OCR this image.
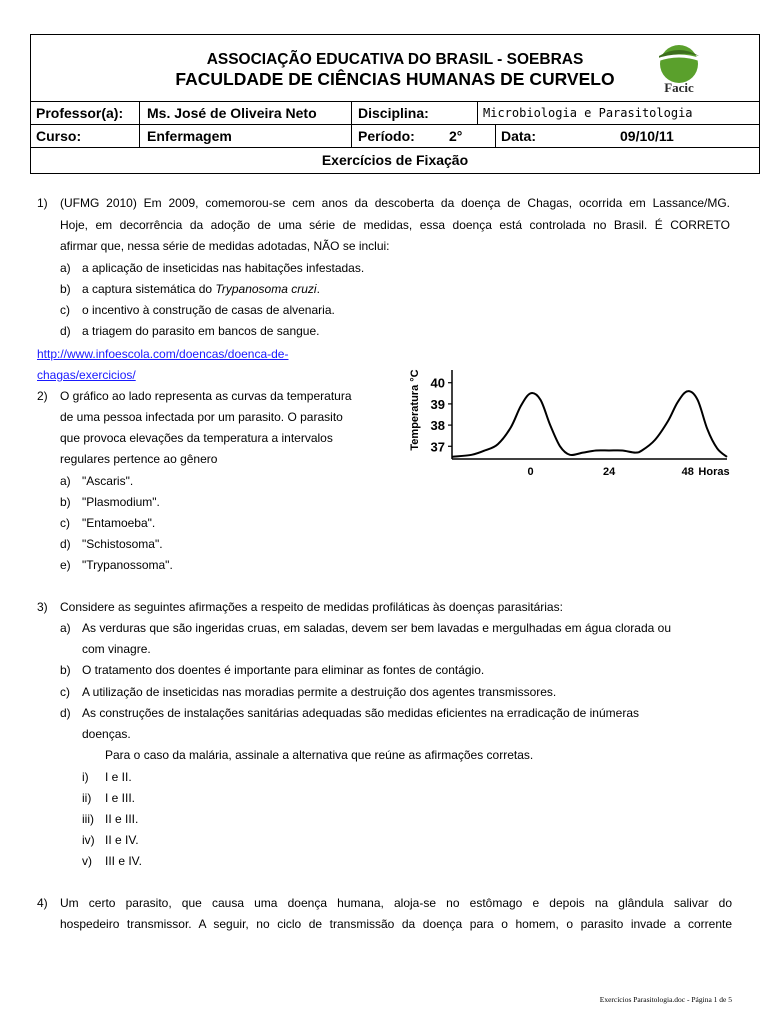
ASSOCIAÇÃO EDUCATIVA DO BRASIL - SOEBRAS
FACULDADE DE CIÊNCIAS HUMANAS DE CURVELO	Facic
Professor(a): Ms. José de Oliveira Neto	Disciplina:	Microbiologia e Parasitologia
Curso:	Enfermagem	Período: 2°	Data:	09/10/11
Exercícios de Fixação
1) (UFMG 2010) Em 2009, comemorou-se cem anos da descoberta da doença de Chagas, ocorrida em Lassance/MG.
Hoje, em decorrência da adoção de uma série de medidas, essa doença está controlada no Brasil. É CORRETO
afirmar que, nessa série de medidas adotadas, NÃO se inclui:
a) a aplicação de inseticidas nas habitações infestadas.
b) a captura sistemática do Trypanosoma cruzi.
c) o incentivo à construção de casas de alvenaria.
d) a triagem do parasito em bancos de sangue.
http://www.infoescola.com/doencas/doenca-de-
chagas/exercicios/
2) O gráfico ao lado representa as curvas da temperatura
de uma pessoa infectada por um parasito. O parasito
que provoca elevações da temperatura a intervalos
regulares pertence ao gênero
a) "Ascaris".
b) "Plasmodium".
c) "Entamoeba".
d) "Schistosoma".
e) "Trypanossoma".
Temperatura °C 37
38
39
40
0	24	48 Horas
3) Considere as seguintes afirmações a respeito de medidas profiláticas às doenças parasitárias:
a) As verduras que são ingeridas cruas, em saladas, devem ser bem lavadas e mergulhadas em água clorada ou
com vinagre.
b) O tratamento dos doentes é importante para eliminar as fontes de contágio.
c) A utilização de inseticidas nas moradias permite a destruição dos agentes transmissores.
d) As construções de instalações sanitárias adequadas são medidas eficientes na erradicação de inúmeras
doenças.
Para o caso da malária, assinale a alternativa que reúne as afirmações corretas.
i) I e II.
ii) I e III.
iii) II e III.
iv) II e IV.
v) III e IV.
4) Um certo parasito, que causa uma doença humana, aloja-se no estômago e depois na glândula salivar do
hospedeiro transmissor. A seguir, no ciclo de transmissão da doença para o homem, o parasito invade a corrente
Exercícios Parasitologia.doc - Página 1 de 5
